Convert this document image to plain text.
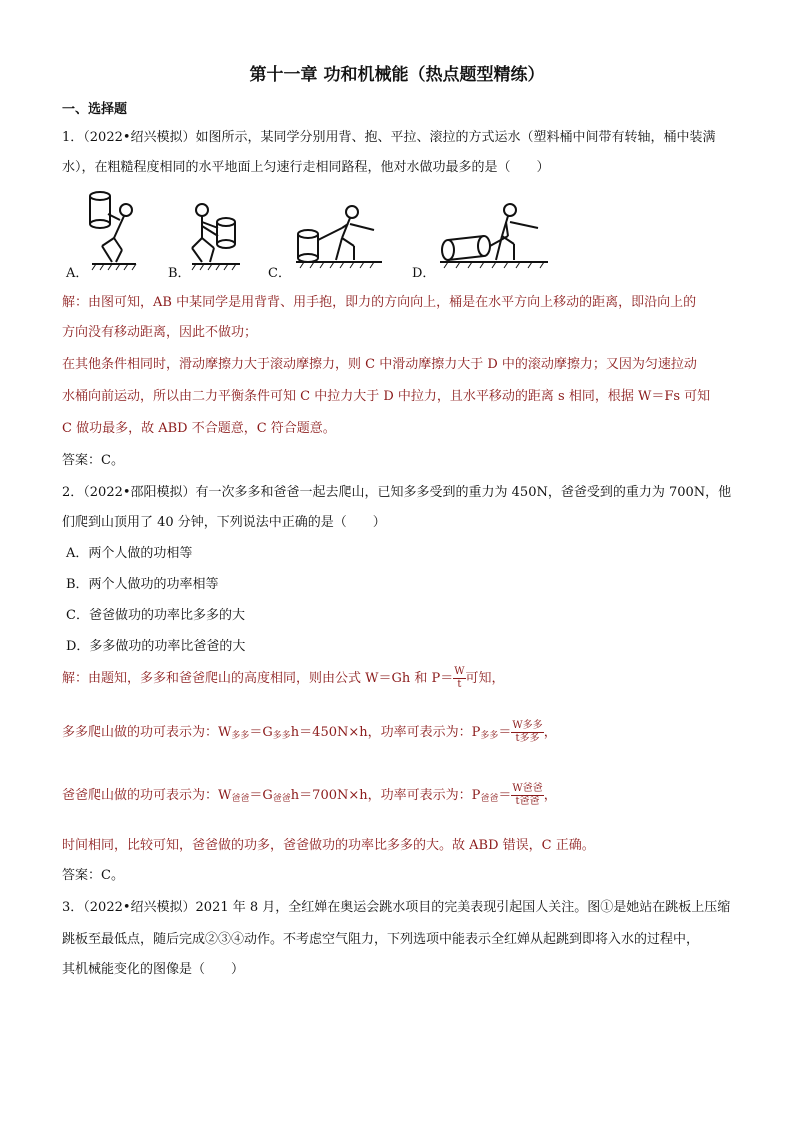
第十一章 功和机械能（热点题型精练）
一、选择题
1．（2022•绍兴模拟）如图所示，某同学分别用背、抱、平拉、滚拉的方式运水（塑料桶中间带有转轴，桶中装满
水），在粗糙程度相同的水平地面上匀速行走相同路程，他对水做功最多的是（　　）
A．	B．	C．	D．
解：由图可知，AB 中某同学是用背背、用手抱，即力的方向向上，桶是在水平方向上移动的距离，即沿向上的
方向没有移动距离，因此不做功；
在其他条件相同时，滑动摩擦力大于滚动摩擦力，则 C 中滑动摩擦力大于 D 中的滚动摩擦力；又因为匀速拉动
水桶向前运动，所以由二力平衡条件可知 C 中拉力大于 D 中拉力，且水平移动的距离 s 相同，根据 W＝Fs 可知
C 做功最多，故 ABD 不合题意，C 符合题意。
答案：C。
2．（2022•邵阳模拟）有一次多多和爸爸一起去爬山，已知多多受到的重力为 450N，爸爸受到的重力为 700N，他
们爬到山顶用了 40 分钟，下列说法中正确的是（　　）
A．两个人做的功相等
B．两个人做功的功率相等
C．爸爸做功的功率比多多的大
D．多多做功的功率比爸爸的大
解：由题知，多多和爸爸爬山的高度相同，则由公式 W＝Gh 和 $P= \frac{W}{t}$ 可知，
多多爬山做的功可表示为：$W_{多多}=G_{多多}h=450N\times h$，功率可表示为：$P_{多多}= \frac{\text{W多多}}{\text{t多多}}$ ，
爸爸爬山做的功可表示为：$W_{爸爸}=G_{爸爸}h=700N\times h$，功率可表示为：$P_{爸爸}= \frac{\text{W爸爸}}{\text{t爸爸}}$ ，
时间相同，比较可知，爸爸做的功多，爸爸做功的功率比多多的大。故 ABD 错误，C 正确。
答案：C。
3．（2022•绍兴模拟）2021 年 8 月，全红婵在奥运会跳水项目的完美表现引起国人关注。图①是她站在跳板上压缩
跳板至最低点，随后完成②③④动作。不考虑空气阻力，下列选项中能表示全红婵从起跳到即将入水的过程中，
其机械能变化的图像是（　　）
